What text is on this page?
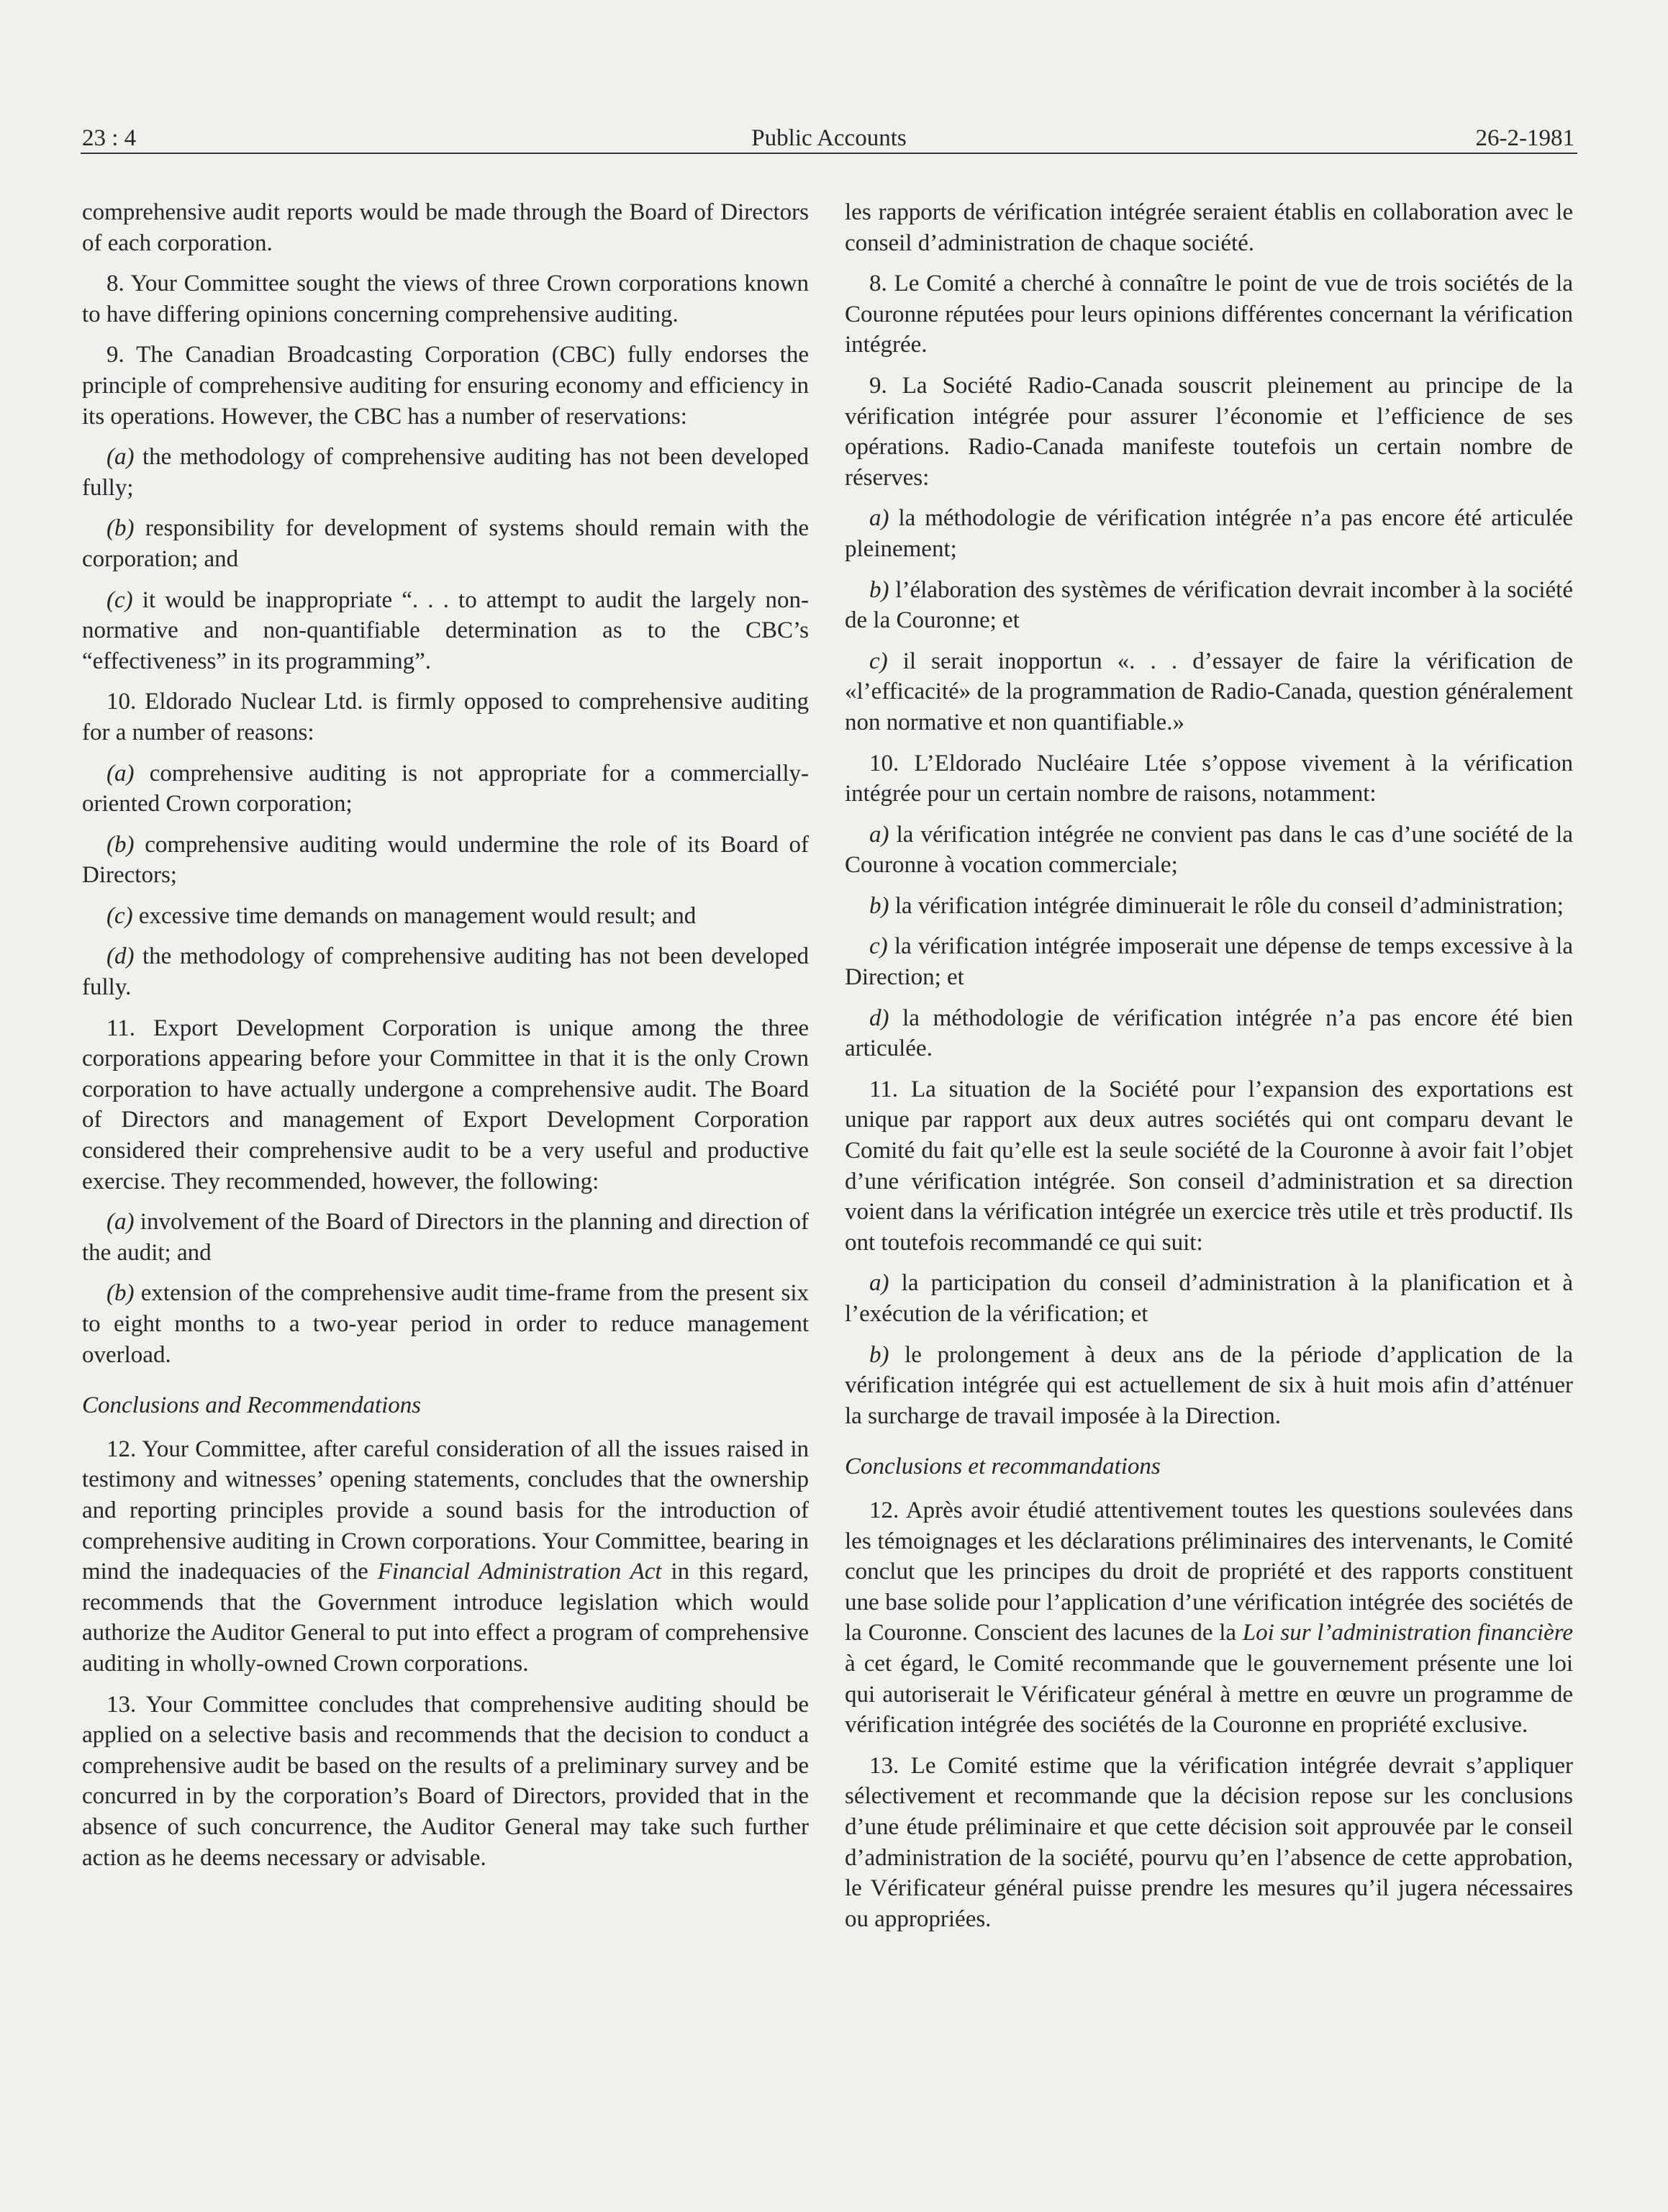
23 : 4	Public Accounts	26-2-1981

comprehensive audit reports would be made through the Board of Directors of each corporation.

8. Your Committee sought the views of three Crown corporations known to have differing opinions concerning comprehensive auditing.

9. The Canadian Broadcasting Corporation (CBC) fully endorses the principle of comprehensive auditing for ensuring economy and efficiency in its operations. However, the CBC has a number of reservations:

(a) the methodology of comprehensive auditing has not been developed fully;

(b) responsibility for development of systems should remain with the corporation; and

(c) it would be inappropriate “. . . to attempt to audit the largely non-normative and non-quantifiable determination as to the CBC’s “effectiveness” in its programming”.

10. Eldorado Nuclear Ltd. is firmly opposed to comprehensive auditing for a number of reasons:

(a) comprehensive auditing is not appropriate for a commercially-oriented Crown corporation;

(b) comprehensive auditing would undermine the role of its Board of Directors;

(c) excessive time demands on management would result; and

(d) the methodology of comprehensive auditing has not been developed fully.

11. Export Development Corporation is unique among the three corporations appearing before your Committee in that it is the only Crown corporation to have actually undergone a comprehensive audit. The Board of Directors and management of Export Development Corporation considered their comprehensive audit to be a very useful and productive exercise. They recommended, however, the following:

(a) involvement of the Board of Directors in the planning and direction of the audit; and

(b) extension of the comprehensive audit time-frame from the present six to eight months to a two-year period in order to reduce management overload.

Conclusions and Recommendations

12. Your Committee, after careful consideration of all the issues raised in testimony and witnesses’ opening statements, concludes that the ownership and reporting principles provide a sound basis for the introduction of comprehensive auditing in Crown corporations. Your Committee, bearing in mind the inadequacies of the Financial Administration Act in this regard, recommends that the Government introduce legislation which would authorize the Auditor General to put into effect a program of comprehensive auditing in wholly-owned Crown corporations.

13. Your Committee concludes that comprehensive auditing should be applied on a selective basis and recommends that the decision to conduct a comprehensive audit be based on the results of a preliminary survey and be concurred in by the corporation’s Board of Directors, provided that in the absence of such concurrence, the Auditor General may take such further action as he deems necessary or advisable.

les rapports de vérification intégrée seraient établis en collaboration avec le conseil d’administration de chaque société.

8. Le Comité a cherché à connaître le point de vue de trois sociétés de la Couronne réputées pour leurs opinions différentes concernant la vérification intégrée.

9. La Société Radio-Canada souscrit pleinement au principe de la vérification intégrée pour assurer l’économie et l’efficience de ses opérations. Radio-Canada manifeste toutefois un certain nombre de réserves:

a) la méthodologie de vérification intégrée n’a pas encore été articulée pleinement;

b) l’élaboration des systèmes de vérification devrait incomber à la société de la Couronne; et

c) il serait inopportun «. . . d’essayer de faire la vérification de «l’efficacité» de la programmation de Radio-Canada, question généralement non normative et non quantifiable.»

10. L’Eldorado Nucléaire Ltée s’oppose vivement à la vérification intégrée pour un certain nombre de raisons, notamment:

a) la vérification intégrée ne convient pas dans le cas d’une société de la Couronne à vocation commerciale;

b) la vérification intégrée diminuerait le rôle du conseil d’administration;

c) la vérification intégrée imposerait une dépense de temps excessive à la Direction; et

d) la méthodologie de vérification intégrée n’a pas encore été bien articulée.

11. La situation de la Société pour l’expansion des exportations est unique par rapport aux deux autres sociétés qui ont comparu devant le Comité du fait qu’elle est la seule société de la Couronne à avoir fait l’objet d’une vérification intégrée. Son conseil d’administration et sa direction voient dans la vérification intégrée un exercice très utile et très productif. Ils ont toutefois recommandé ce qui suit:

a) la participation du conseil d’administration à la planification et à l’exécution de la vérification; et

b) le prolongement à deux ans de la période d’application de la vérification intégrée qui est actuellement de six à huit mois afin d’atténuer la surcharge de travail imposée à la Direction.

Conclusions et recommandations

12. Après avoir étudié attentivement toutes les questions soulevées dans les témoignages et les déclarations préliminaires des intervenants, le Comité conclut que les principes du droit de propriété et des rapports constituent une base solide pour l’application d’une vérification intégrée des sociétés de la Couronne. Conscient des lacunes de la Loi sur l’administration financière à cet égard, le Comité recommande que le gouvernement présente une loi qui autoriserait le Vérificateur général à mettre en œuvre un programme de vérification intégrée des sociétés de la Couronne en propriété exclusive.

13. Le Comité estime que la vérification intégrée devrait s’appliquer sélectivement et recommande que la décision repose sur les conclusions d’une étude préliminaire et que cette décision soit approuvée par le conseil d’administration de la société, pourvu qu’en l’absence de cette approbation, le Vérificateur général puisse prendre les mesures qu’il jugera nécessaires ou appropriées.
